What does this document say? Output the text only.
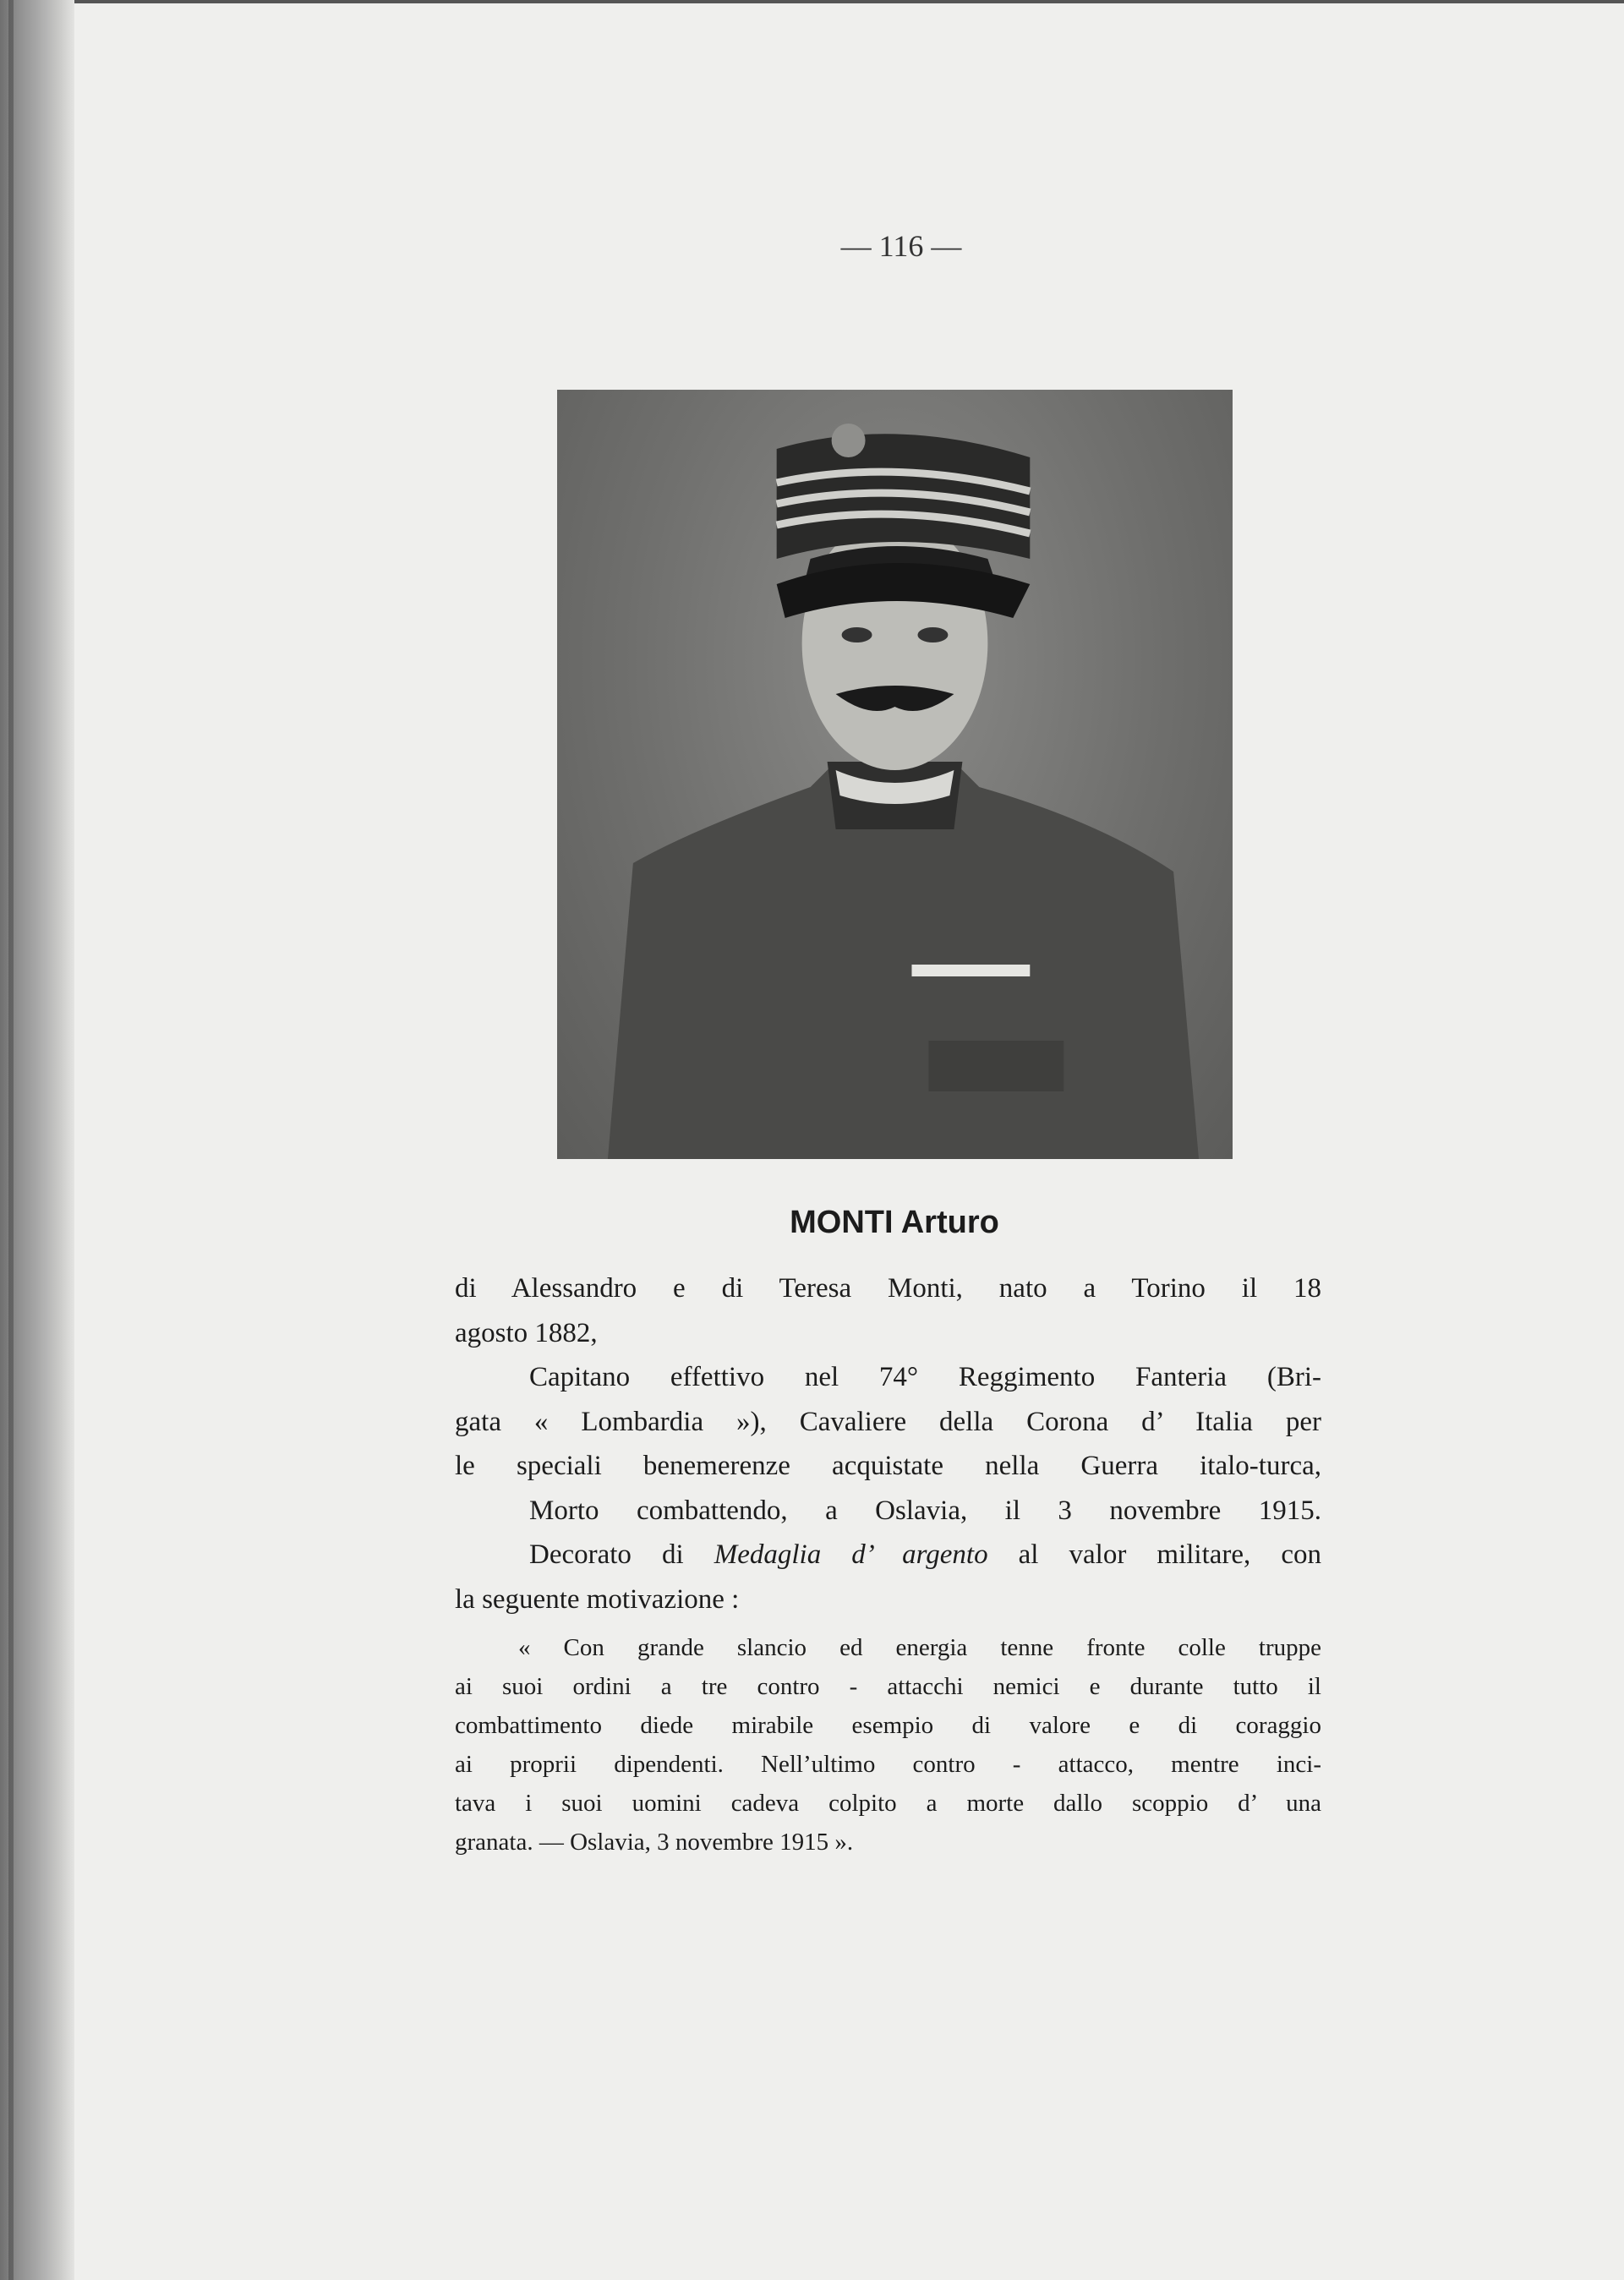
— 116 —
MONTI Arturo
di Alessandro e di Teresa Monti, nato a Torino il 18
agosto 1882,
Capitano effettivo nel 74° Reggimento Fanteria (Bri-
gata « Lombardia »), Cavaliere della Corona d’ Italia per
le speciali benemerenze acquistate nella Guerra italo-turca,
Morto combattendo, a Oslavia, il 3 novembre 1915.
Decorato di Medaglia d’ argento al valor militare, con
la seguente motivazione :
« Con grande slancio ed energia tenne fronte colle truppe
ai suoi ordini a tre contro - attacchi nemici e durante tutto il
combattimento diede mirabile esempio di valore e di coraggio
ai proprii dipendenti. Nell’ultimo contro - attacco, mentre inci-
tava i suoi uomini cadeva colpito a morte dallo scoppio d’ una
granata. — Oslavia, 3 novembre 1915 ».
